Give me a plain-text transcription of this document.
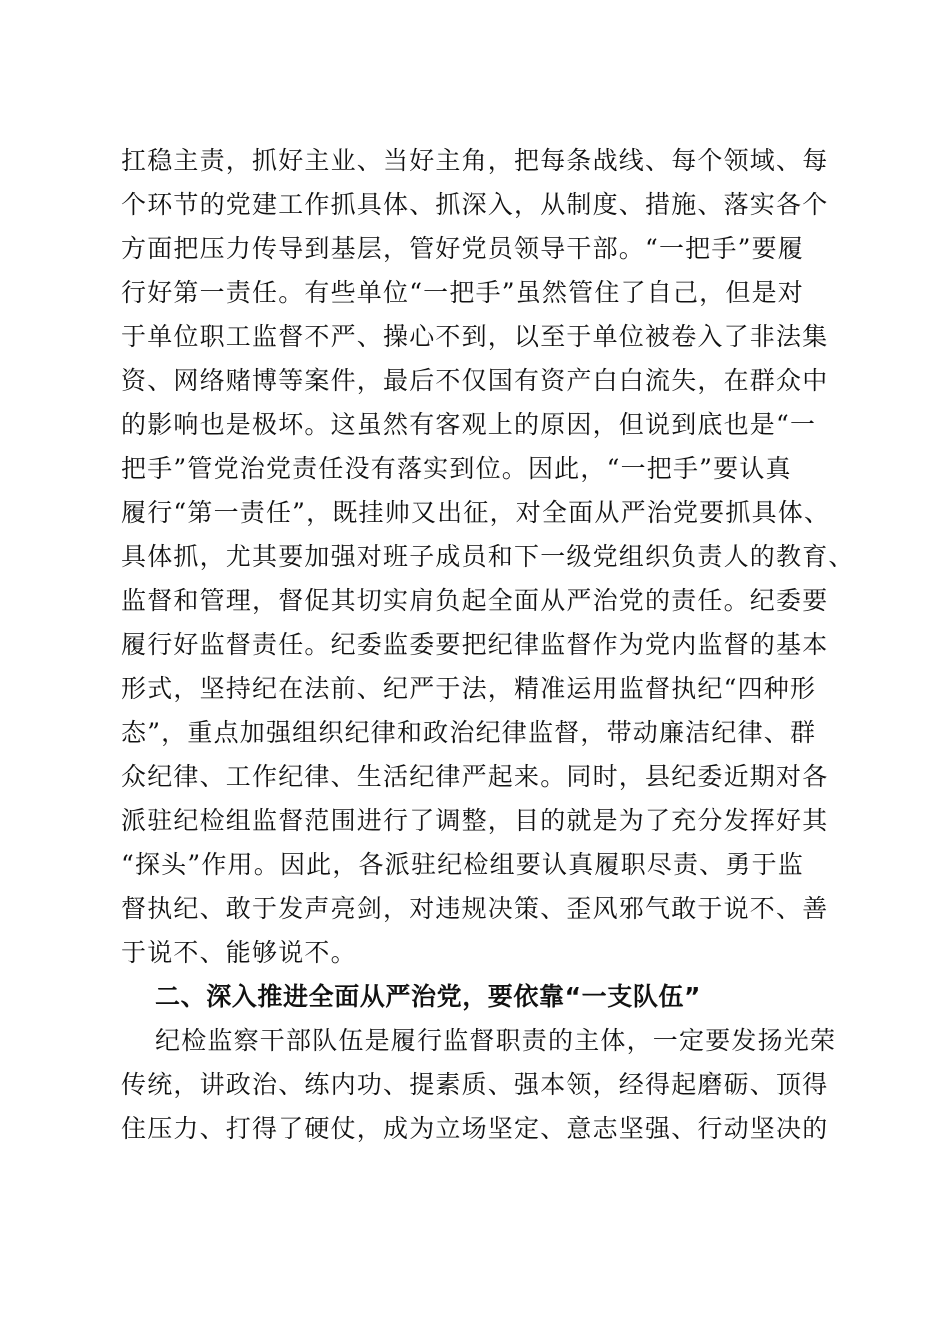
扛稳主责，抓好主业、当好主角，把每条战线、每个领域、每
个环节的党建工作抓具体、抓深入，从制度、措施、落实各个
方面把压力传导到基层，管好党员领导干部。“一把手”要履
行好第一责任。有些单位“一把手”虽然管住了自己，但是对
于单位职工监督不严、操心不到，以至于单位被卷入了非法集
资、网络赌博等案件，最后不仅国有资产白白流失，在群众中
的影响也是极坏。这虽然有客观上的原因，但说到底也是“一
把手”管党治党责任没有落实到位。因此，“一把手”要认真
履行“第一责任”，既挂帅又出征，对全面从严治党要抓具体、
具体抓，尤其要加强对班子成员和下一级党组织负责人的教育、
监督和管理，督促其切实肩负起全面从严治党的责任。纪委要
履行好监督责任。纪委监委要把纪律监督作为党内监督的基本
形式，坚持纪在法前、纪严于法，精准运用监督执纪“四种形
态”，重点加强组织纪律和政治纪律监督，带动廉洁纪律、群
众纪律、工作纪律、生活纪律严起来。同时，县纪委近期对各
派驻纪检组监督范围进行了调整，目的就是为了充分发挥好其
“探头”作用。因此，各派驻纪检组要认真履职尽责、勇于监
督执纪、敢于发声亮剑，对违规决策、歪风邪气敢于说不、善
于说不、能够说不。
二、深入推进全面从严治党，要依靠“一支队伍”
纪检监察干部队伍是履行监督职责的主体，一定要发扬光荣
传统，讲政治、练内功、提素质、强本领，经得起磨砺、顶得
住压力、打得了硬仗，成为立场坚定、意志坚强、行动坚决的
